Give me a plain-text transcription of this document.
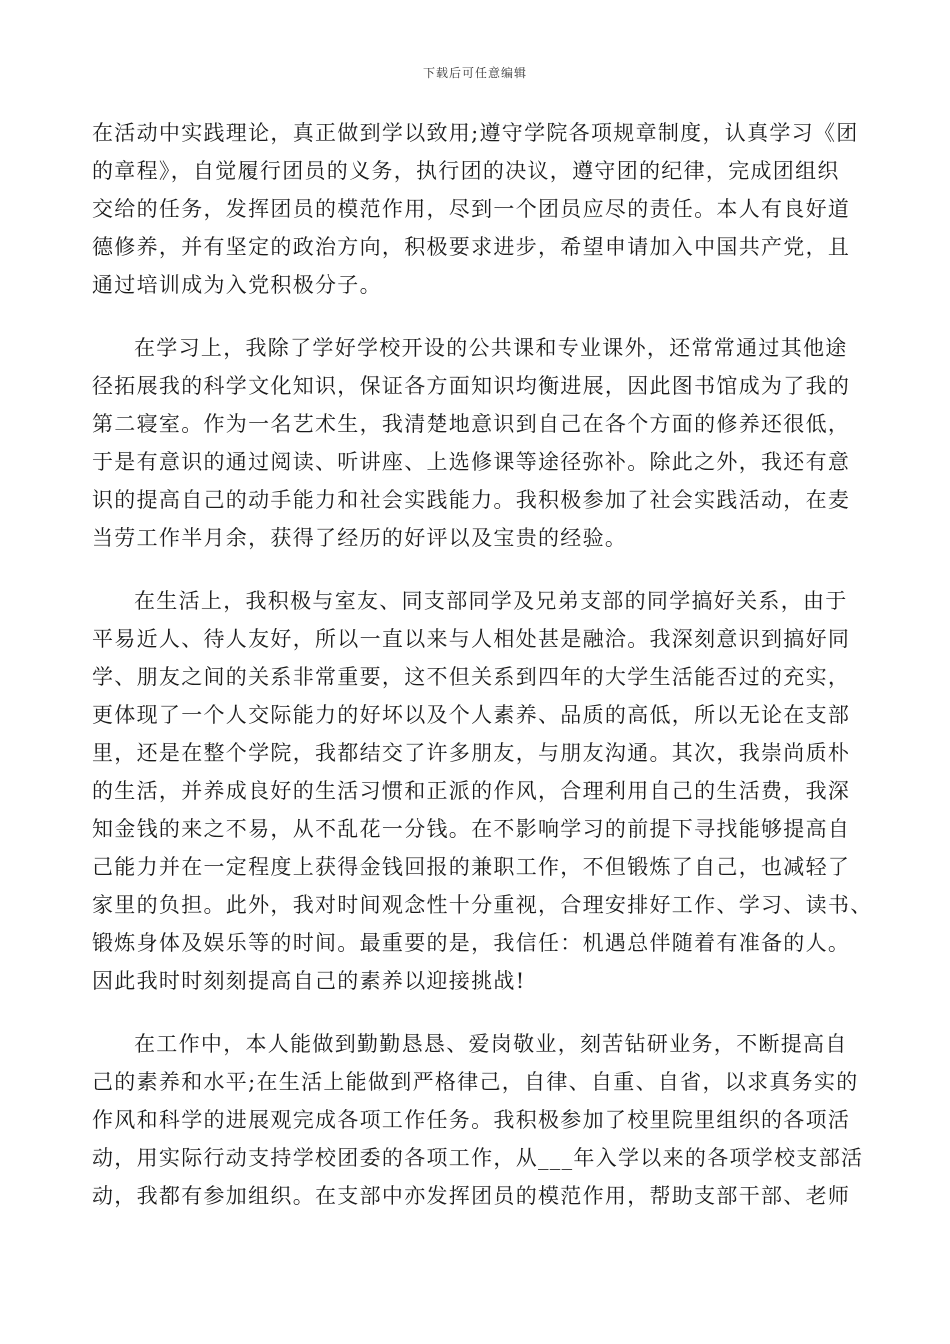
下载后可任意编辑
在活动中实践理论，真正做到学以致用;遵守学院各项规章制度，认真学习《团
的章程》，自觉履行团员的义务，执行团的决议，遵守团的纪律，完成团组织
交给的任务，发挥团员的模范作用，尽到一个团员应尽的责任。本人有良好道
德修养，并有坚定的政治方向，积极要求进步，希望申请加入中国共产党，且
通过培训成为入党积极分子。
在学习上，我除了学好学校开设的公共课和专业课外，还常常通过其他途
径拓展我的科学文化知识，保证各方面知识均衡进展，因此图书馆成为了我的
第二寝室。作为一名艺术生，我清楚地意识到自己在各个方面的修养还很低，
于是有意识的通过阅读、听讲座、上选修课等途径弥补。除此之外，我还有意
识的提高自己的动手能力和社会实践能力。我积极参加了社会实践活动，在麦
当劳工作半月余，获得了经历的好评以及宝贵的经验。
在生活上，我积极与室友、同支部同学及兄弟支部的同学搞好关系，由于
平易近人、待人友好，所以一直以来与人相处甚是融洽。我深刻意识到搞好同
学、朋友之间的关系非常重要，这不但关系到四年的大学生活能否过的充实，
更体现了一个人交际能力的好坏以及个人素养、品质的高低，所以无论在支部
里，还是在整个学院，我都结交了许多朋友，与朋友沟通。其次，我崇尚质朴
的生活，并养成良好的生活习惯和正派的作风，合理利用自己的生活费，我深
知金钱的来之不易，从不乱花一分钱。在不影响学习的前提下寻找能够提高自
己能力并在一定程度上获得金钱回报的兼职工作，不但锻炼了自己，也减轻了
家里的负担。此外，我对时间观念性十分重视，合理安排好工作、学习、读书、
锻炼身体及娱乐等的时间。最重要的是，我信任：机遇总伴随着有准备的人。
因此我时时刻刻提高自己的素养以迎接挑战!
在工作中，本人能做到勤勤恳恳、爱岗敬业，刻苦钻研业务，不断提高自
己的素养和水平;在生活上能做到严格律己，自律、自重、自省，以求真务实的
作风和科学的进展观完成各项工作任务。我积极参加了校里院里组织的各项活
动，用实际行动支持学校团委的各项工作，从___年入学以来的各项学校支部活
动，我都有参加组织。在支部中亦发挥团员的模范作用，帮助支部干部、老师
